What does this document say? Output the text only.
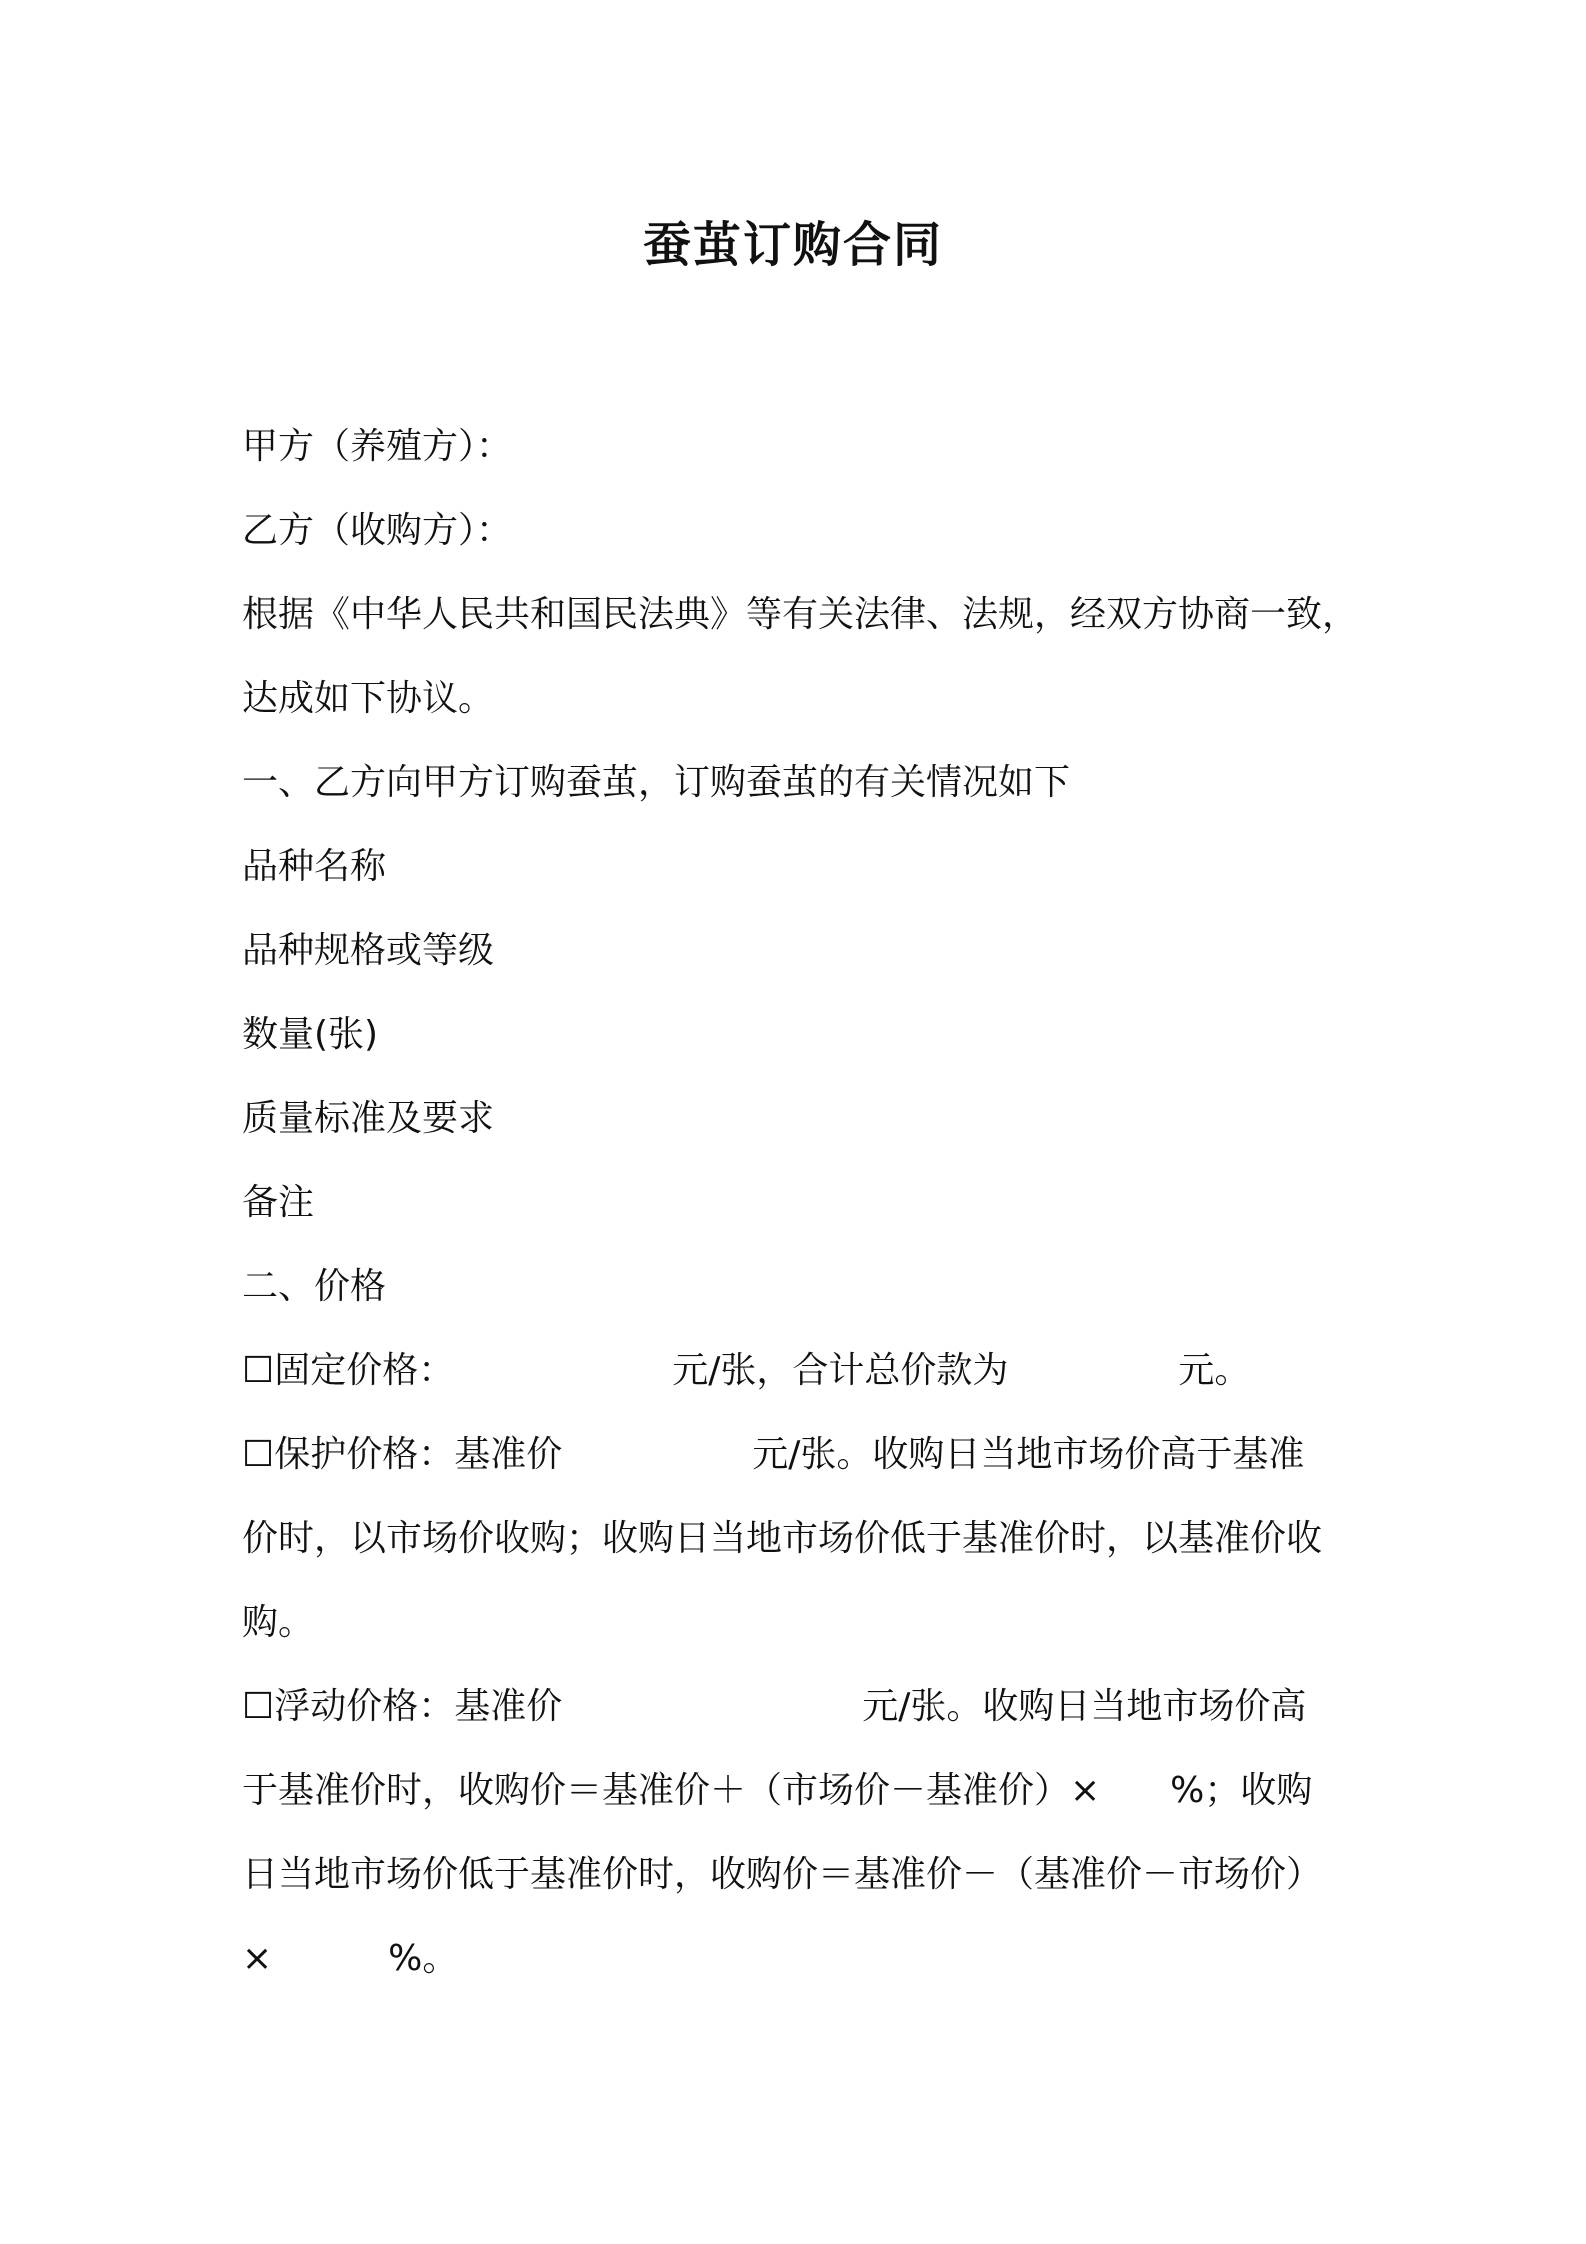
蚕茧订购合同
甲方（养殖方）：
乙方（收购方）：
根据《中华人民共和国民法典》等有关法律、法规，经双方协商一致，
达成如下协议。
一、乙方向甲方订购蚕茧，订购蚕茧的有关情况如下
品种名称
品种规格或等级
数量(张)
质量标准及要求
备注
二、价格
☐固定价格：	元/张，合计总价款为	元。
☐保护价格：基准价	元/张。收购日当地市场价高于基准
价时，以市场价收购；收购日当地市场价低于基准价时，以基准价收
购。
☐浮动价格：基准价	元/张。收购日当地市场价高
于基准价时，收购价＝基准价＋（市场价－基准价）× %；收购
日当地市场价低于基准价时，收购价＝基准价－（基准价－市场价）
×	%。
